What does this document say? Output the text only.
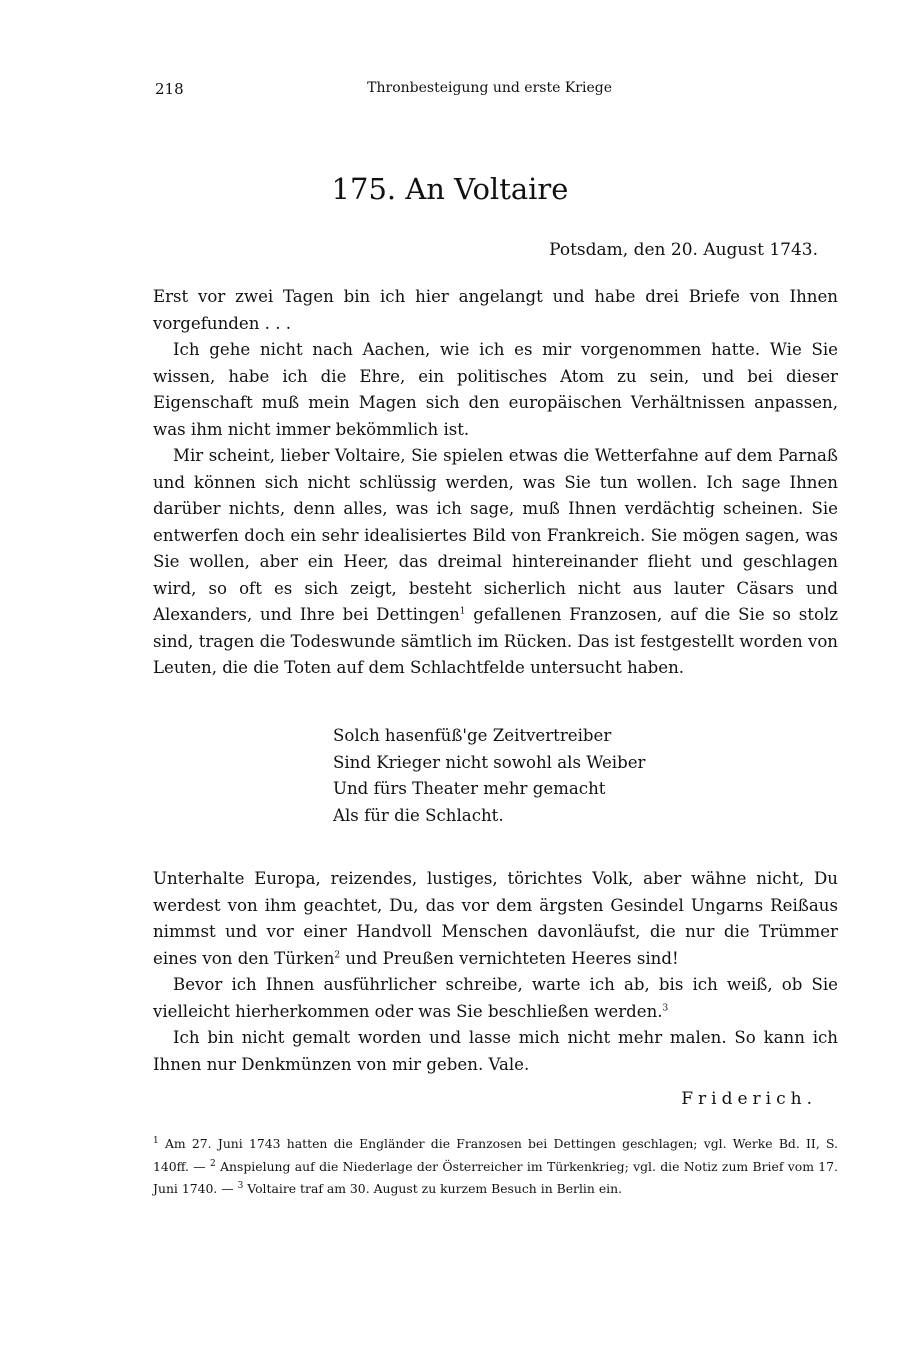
218	Thronbesteigung und erste Kriege
175. An Voltaire
Potsdam, den 20. August 1743.

Erst vor zwei Tagen bin ich hier angelangt und habe drei Briefe von Ihnen vorgefunden . . .

Ich gehe nicht nach Aachen, wie ich es mir vorgenommen hatte. Wie Sie wissen, habe ich die Ehre, ein politisches Atom zu sein, und bei dieser Eigenschaft muß mein Magen sich den europäischen Verhältnissen anpassen, was ihm nicht immer bekömmlich ist.

Mir scheint, lieber Voltaire, Sie spielen etwas die Wetterfahne auf dem Parnaß und können sich nicht schlüssig werden, was Sie tun wollen. Ich sage Ihnen darüber nichts, denn alles, was ich sage, muß Ihnen verdächtig scheinen. Sie entwerfen doch ein sehr idealisiertes Bild von Frankreich. Sie mögen sagen, was Sie wollen, aber ein Heer, das dreimal hintereinander flieht und geschlagen wird, so oft es sich zeigt, besteht sicherlich nicht aus lauter Cäsars und Alexanders, und Ihre bei Dettingen$^1$ gefallenen Franzosen, auf die Sie so stolz sind, tragen die Todeswunde sämtlich im Rücken. Das ist festgestellt worden von Leuten, die die Toten auf dem Schlachtfelde untersucht haben.

Solch hasenfüß'ge Zeitvertreiber
Sind Krieger nicht sowohl als Weiber
Und fürs Theater mehr gemacht
Als für die Schlacht.

Unterhalte Europa, reizendes, lustiges, törichtes Volk, aber wähne nicht, Du werdest von ihm geachtet, Du, das vor dem ärgsten Gesindel Ungarns Reißaus nimmst und vor einer Handvoll Menschen davonläufst, die nur die Trümmer eines von den Türken$^2$ und Preußen vernichteten Heeres sind!

Bevor ich Ihnen ausführlicher schreibe, warte ich ab, bis ich weiß, ob Sie vielleicht hierherkommen oder was Sie beschließen werden.$^3$

Ich bin nicht gemalt worden und lasse mich nicht mehr malen. So kann ich Ihnen nur Denkmünzen von mir geben. Vale.

Friderich.
$^1$ Am 27. Juni 1743 hatten die Engländer die Franzosen bei Dettingen geschlagen; vgl. Werke Bd. II, S. 140ff. — $^2$ Anspielung auf die Niederlage der Österreicher im Türkenkrieg; vgl. die Notiz zum Brief vom 17. Juni 1740. — $^3$ Voltaire traf am 30. August zu kurzem Besuch in Berlin ein.
